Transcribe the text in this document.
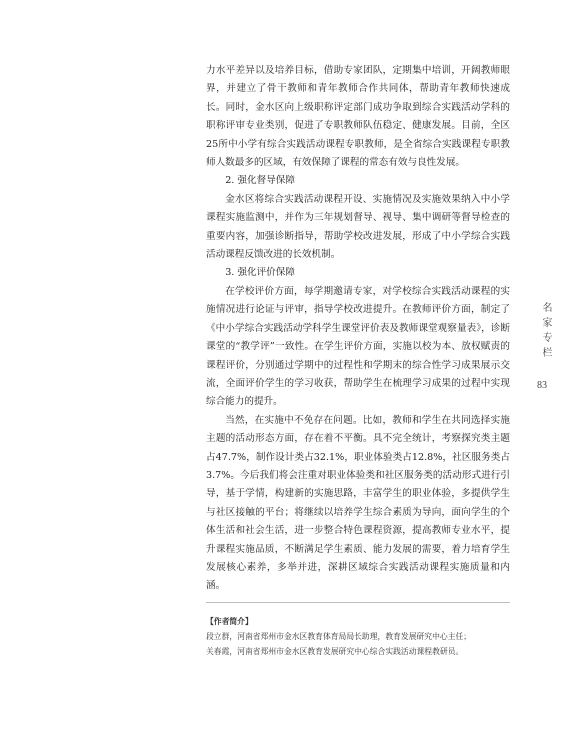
力水平差异以及培养目标，借助专家团队，定期集中培训，开阔教师眼界，并建立了骨干教师和青年教师合作共同体，帮助青年教师快速成长。同时，金水区向上级职称评定部门成功争取到综合实践活动学科的职称评审专业类别，促进了专职教师队伍稳定、健康发展。目前，全区25所中小学有综合实践活动课程专职教师，是全省综合实践课程专职教师人数最多的区域，有效保障了课程的常态有效与良性发展。

2. 强化督导保障

金水区将综合实践活动课程开设、实施情况及实施效果纳入中小学课程实施监测中，并作为三年规划督导、视导、集中调研等督导检查的重要内容，加强诊断指导，帮助学校改进发展，形成了中小学综合实践活动课程反馈改进的长效机制。

3. 强化评价保障

在学校评价方面，每学期邀请专家，对学校综合实践活动课程的实施情况进行论证与评审，指导学校改进提升。在教师评价方面，制定了《中小学综合实践活动学科学生课堂评价表及教师课堂观察量表》，诊断课堂的“教学评”一致性。在学生评价方面，实施以校为本、放权赋责的课程评价，分别通过学期中的过程性和学期末的综合性学习成果展示交流，全面评价学生的学习收获，帮助学生在梳理学习成果的过程中实现综合能力的提升。

当然，在实施中不免存在问题。比如，教师和学生在共同选择实施主题的活动形态方面，存在着不平衡。具不完全统计，考察探究类主题占47.7%，制作设计类占32.1%，职业体验类占12.8%，社区服务类占3.7%。今后我们将会注重对职业体验类和社区服务类的活动形式进行引导，基于学情，构建新的实施思路，丰富学生的职业体验，多提供学生与社区接触的平台；将继续以培养学生综合素质为导向，面向学生的个体生活和社会生活，进一步整合特色课程资源，提高教师专业水平，提升课程实施品质，不断满足学生素质、能力发展的需要，着力培育学生发展核心素养，多举并进，深耕区域综合实践活动课程实施质量和内涵。

名家专栏
83
【作者简介】
段立群，河南省郑州市金水区教育体育局局长助理，教育发展研究中心主任；
关春霞，河南省郑州市金水区教育发展研究中心综合实践活动课程教研员。
